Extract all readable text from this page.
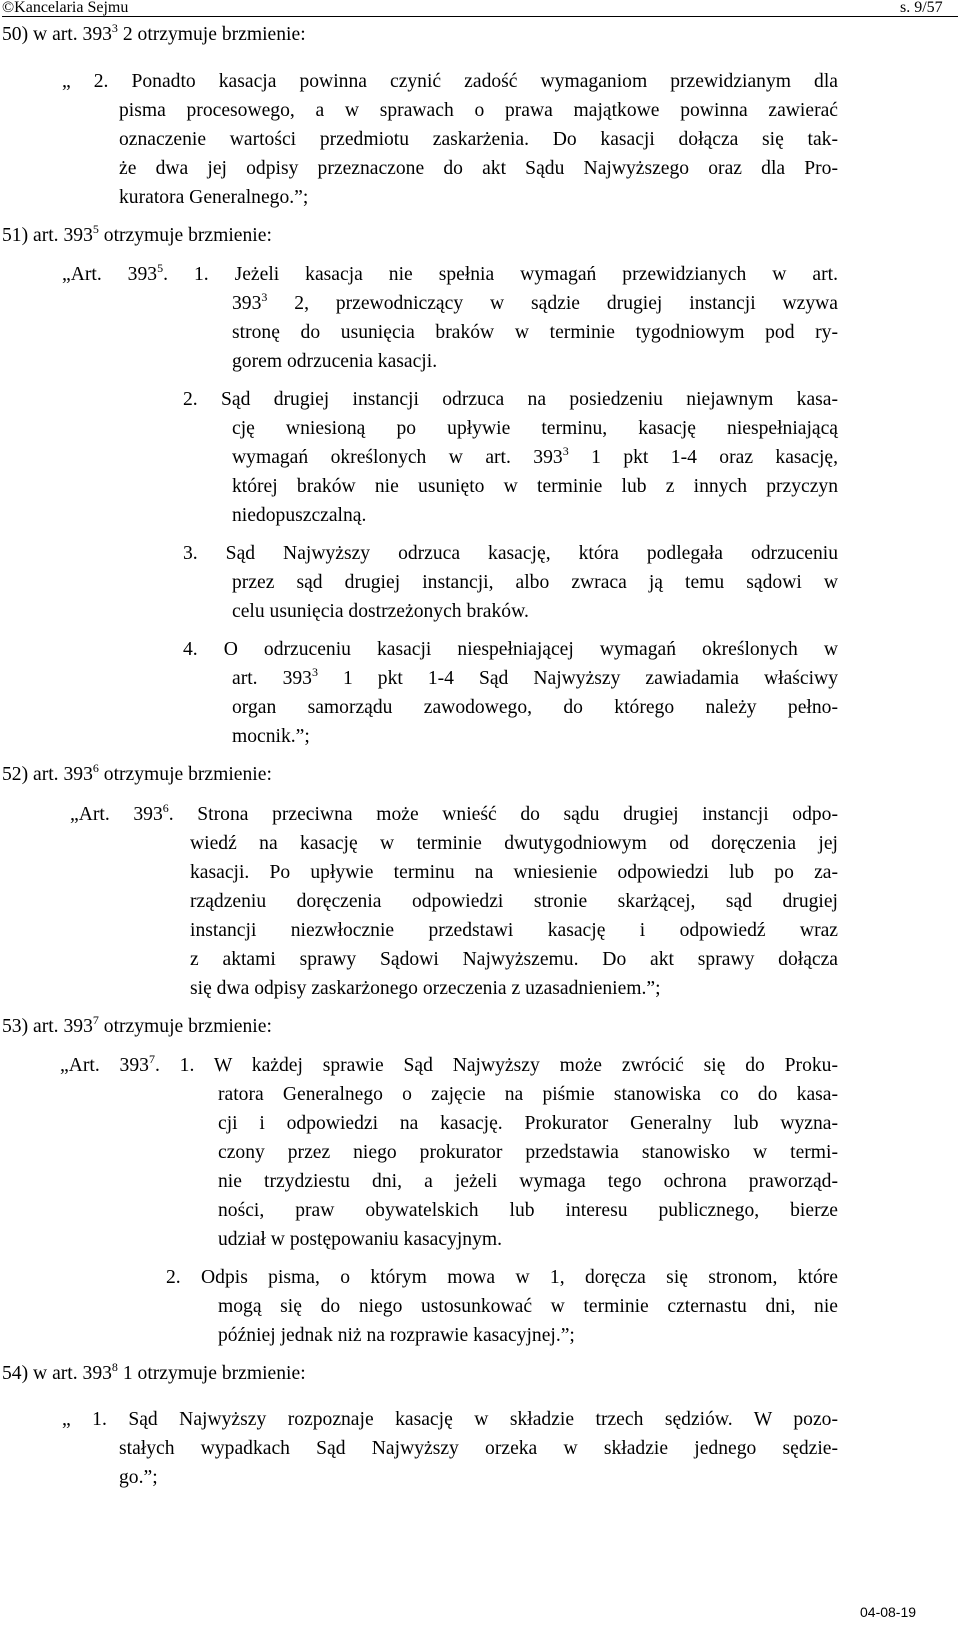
©Kancelaria Sejmu	s. 9/57
50) w art. $393^3$ 2 otrzymuje brzmienie:
„ 2. Ponadto kasacja powinna czynić zadość wymaganiom przewidzianym dla
pisma procesowego, a w sprawach o prawa majątkowe powinna zawierać
oznaczenie wartości przedmiotu zaskarżenia. Do kasacji dołącza się tak-
że dwa jej odpisy przeznaczone do akt Sądu Najwyższego oraz dla Pro-
kuratora Generalnego.”;
51) art. $393^5$ otrzymuje brzmienie:
„Art. $393^5$. 1. Jeżeli kasacja nie spełnia wymagań przewidzianych w art.
$393^3$ 2, przewodniczący w sądzie drugiej instancji wzywa
stronę do usunięcia braków w terminie tygodniowym pod ry-
gorem odrzucenia kasacji.
2. Sąd drugiej instancji odrzuca na posiedzeniu niejawnym kasa-
cję wniesioną po upływie terminu, kasację niespełniającą
wymagań określonych w art. $393^3$ 1 pkt 1-4 oraz kasację,
której braków nie usunięto w terminie lub z innych przyczyn
niedopuszczalną.
3. Sąd Najwyższy odrzuca kasację, która podlegała odrzuceniu
przez sąd drugiej instancji, albo zwraca ją temu sądowi w
celu usunięcia dostrzeżonych braków.
4. O odrzuceniu kasacji niespełniającej wymagań określonych w
art. $393^3$ 1 pkt 1-4 Sąd Najwyższy zawiadamia właściwy
organ samorządu zawodowego, do którego należy pełno-
mocnik.”;
52) art. $393^6$ otrzymuje brzmienie:
„Art. $393^6$. Strona przeciwna może wnieść do sądu drugiej instancji odpo-
wiedź na kasację w terminie dwutygodniowym od doręczenia jej
kasacji. Po upływie terminu na wniesienie odpowiedzi lub po za-
rządzeniu doręczenia odpowiedzi stronie skarżącej, sąd drugiej
instancji niezwłocznie przedstawi kasację i odpowiedź wraz
z aktami sprawy Sądowi Najwyższemu. Do akt sprawy dołącza
się dwa odpisy zaskarżonego orzeczenia z uzasadnieniem.”;
53) art. $393^7$ otrzymuje brzmienie:
„Art. $393^7$. 1. W każdej sprawie Sąd Najwyższy może zwrócić się do Proku-
ratora Generalnego o zajęcie na piśmie stanowiska co do kasa-
cji i odpowiedzi na kasację. Prokurator Generalny lub wyzna-
czony przez niego prokurator przedstawia stanowisko w termi-
nie trzydziestu dni, a jeżeli wymaga tego ochrona praworząd-
ności, praw obywatelskich lub interesu publicznego, bierze
udział w postępowaniu kasacyjnym.
2. Odpis pisma, o którym mowa w 1, doręcza się stronom, które
mogą się do niego ustosunkować w terminie czternastu dni, nie
później jednak niż na rozprawie kasacyjnej.”;
54) w art. $393^8$ 1 otrzymuje brzmienie:
„ 1. Sąd Najwyższy rozpoznaje kasację w składzie trzech sędziów. W pozo-
stałych wypadkach Sąd Najwyższy orzeka w składzie jednego sędzie-
go.”;
04-08-19
